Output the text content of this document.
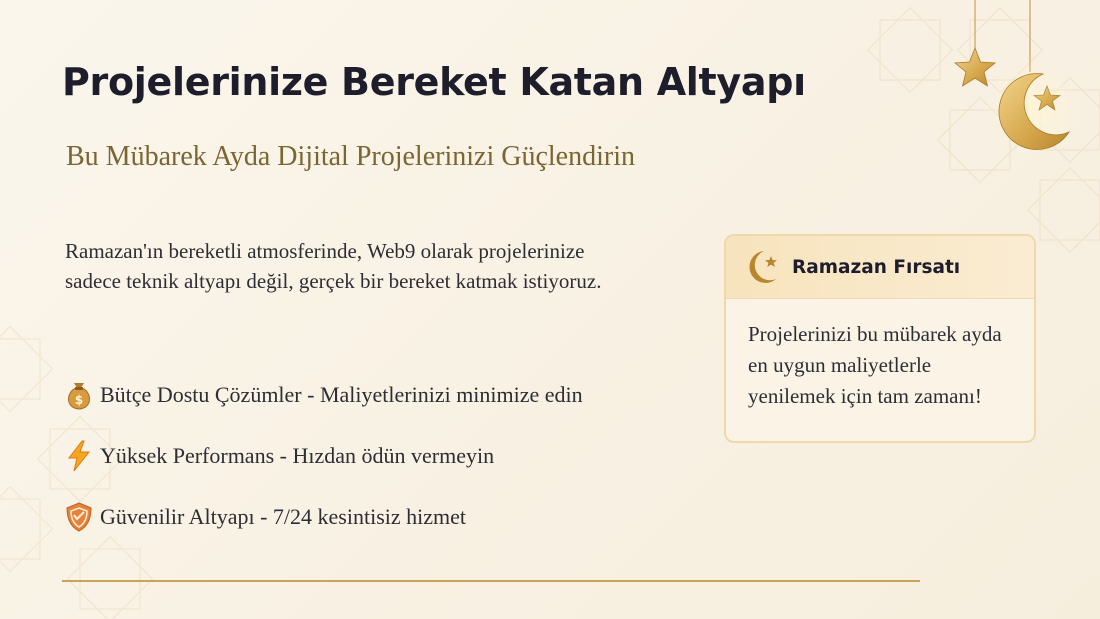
Projelerinize Bereket Katan Altyapı
Bu Mübarek Ayda Dijital Projelerinizi Güçlendirin

Ramazan'ın bereketli atmosferinde, Web9 olarak projelerinize sadece teknik altyapı değil, gerçek bir bereket katmak istiyoruz.

$ Bütçe Dostu Çözümler - Maliyetlerinizi minimize edin
Yüksek Performans - Hızdan ödün vermeyin
Güvenilir Altyapı - 7/24 kesintisiz hizmet
Ramazan Fırsatı

Projelerinizi bu mübarek ayda en uygun maliyetlerle yenilemek için tam zamanı!
